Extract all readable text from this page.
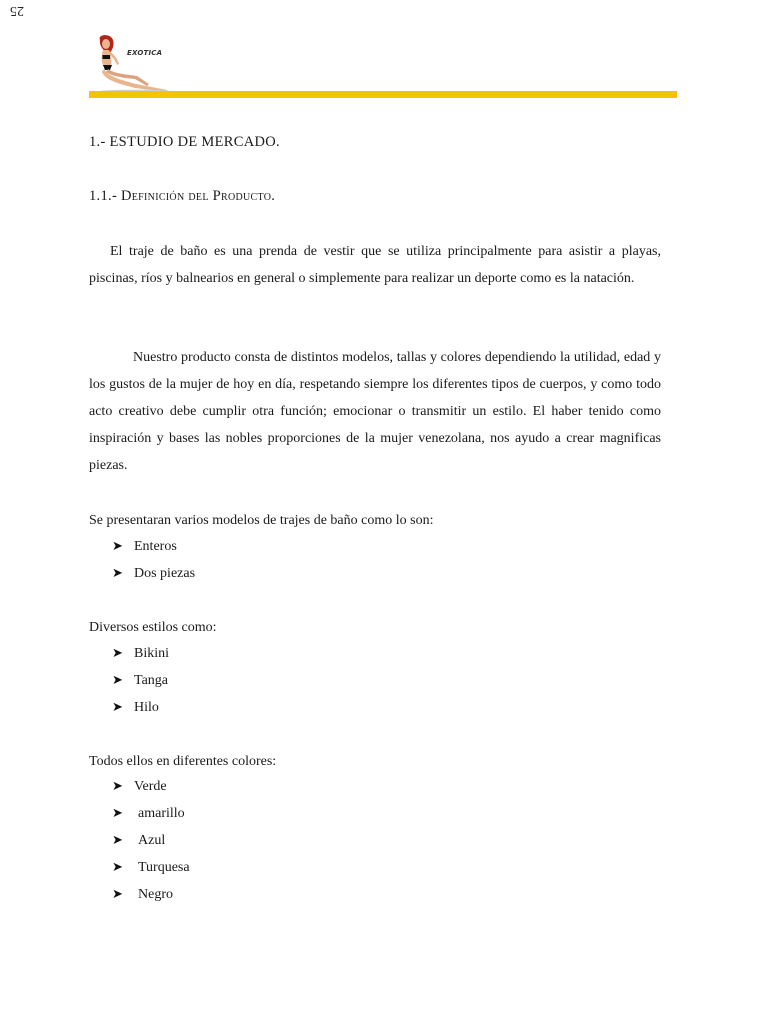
25
EXOTICA
1.- ESTUDIO DE MERCADO.
1.1.- Definición del Producto.

El traje de baño es una prenda de vestir que se utiliza principalmente para asistir a playas, piscinas, ríos y balnearios en general o simplemente para realizar un deporte como es la natación.

Nuestro producto consta de distintos modelos, tallas y colores dependiendo la utilidad, edad y los gustos de la mujer de hoy en día, respetando siempre los diferentes tipos de cuerpos, y como todo acto creativo debe cumplir otra función; emocionar o transmitir un estilo. El haber tenido como inspiración y bases las nobles proporciones de la mujer venezolana, nos ayudo a crear magnificas piezas.

Se presentaran varios modelos de trajes de baño como lo son:

➤ Enteros
➤ Dos piezas

Diversos estilos como:

➤ Bikini
➤ Tanga
➤ Hilo

Todos ellos en diferentes colores:

➤ Verde
➤	amarillo
➤	Azul
➤	Turquesa
➤	Negro
